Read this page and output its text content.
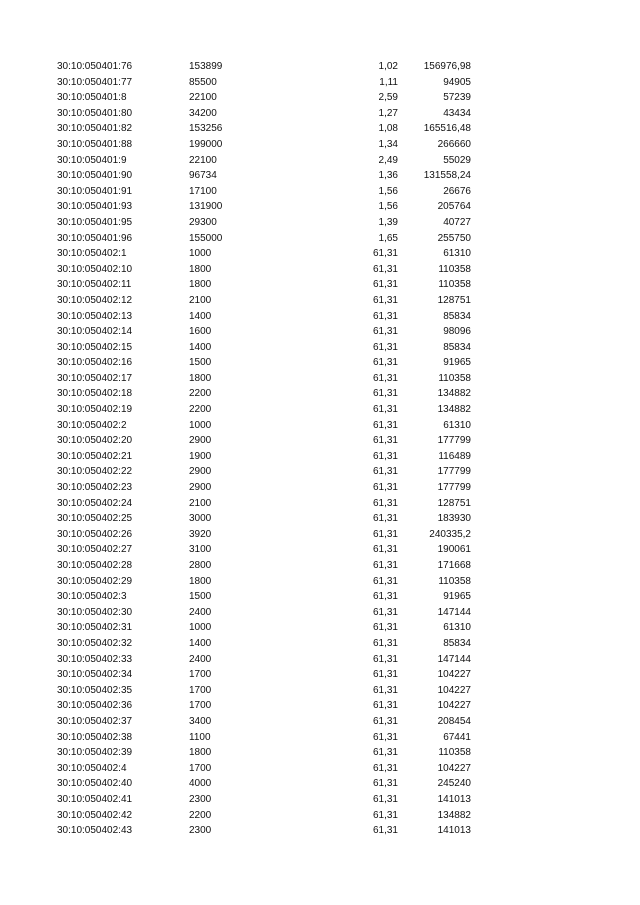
30:10:050401:76	153899	1,02	156976,98
30:10:050401:77	85500	1,11	94905
30:10:050401:8	22100	2,59	57239
30:10:050401:80	34200	1,27	43434
30:10:050401:82	153256	1,08	165516,48
30:10:050401:88	199000	1,34	266660
30:10:050401:9	22100	2,49	55029
30:10:050401:90	96734	1,36	131558,24
30:10:050401:91	17100	1,56	26676
30:10:050401:93	131900	1,56	205764
30:10:050401:95	29300	1,39	40727
30:10:050401:96	155000	1,65	255750
30:10:050402:1	1000	61,31	61310
30:10:050402:10	1800	61,31	110358
30:10:050402:11	1800	61,31	110358
30:10:050402:12	2100	61,31	128751
30:10:050402:13	1400	61,31	85834
30:10:050402:14	1600	61,31	98096
30:10:050402:15	1400	61,31	85834
30:10:050402:16	1500	61,31	91965
30:10:050402:17	1800	61,31	110358
30:10:050402:18	2200	61,31	134882
30:10:050402:19	2200	61,31	134882
30:10:050402:2	1000	61,31	61310
30:10:050402:20	2900	61,31	177799
30:10:050402:21	1900	61,31	116489
30:10:050402:22	2900	61,31	177799
30:10:050402:23	2900	61,31	177799
30:10:050402:24	2100	61,31	128751
30:10:050402:25	3000	61,31	183930
30:10:050402:26	3920	61,31	240335,2
30:10:050402:27	3100	61,31	190061
30:10:050402:28	2800	61,31	171668
30:10:050402:29	1800	61,31	110358
30:10:050402:3	1500	61,31	91965
30:10:050402:30	2400	61,31	147144
30:10:050402:31	1000	61,31	61310
30:10:050402:32	1400	61,31	85834
30:10:050402:33	2400	61,31	147144
30:10:050402:34	1700	61,31	104227
30:10:050402:35	1700	61,31	104227
30:10:050402:36	1700	61,31	104227
30:10:050402:37	3400	61,31	208454
30:10:050402:38	1100	61,31	67441
30:10:050402:39	1800	61,31	110358
30:10:050402:4	1700	61,31	104227
30:10:050402:40	4000	61,31	245240
30:10:050402:41	2300	61,31	141013
30:10:050402:42	2200	61,31	134882
30:10:050402:43	2300	61,31	141013
